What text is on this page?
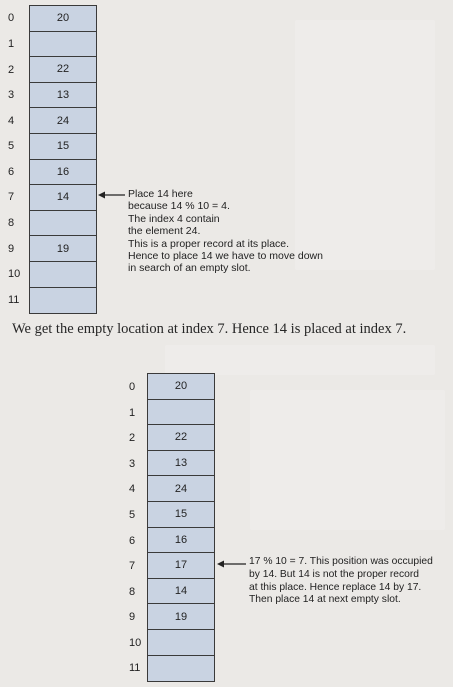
0
1
2
3
4
5
6
7
8
9
10
11
20
22
13
24
15
16
14
19
Place 14 here
because 14 % 10 = 4.
The index 4 contain
the element 24.
This is a proper record at its place.
Hence to place 14 we have to move down
in search of an empty slot.
We get the empty location at index 7. Hence 14 is placed at index 7.
0
1
2
3
4
5
6
7
8
9
10
11
20
22
13
24
15
16
17
14
19
17 % 10 = 7. This position was occupied
by 14. But 14 is not the proper record
at this place. Hence replace 14 by 17.
Then place 14 at next empty slot.
